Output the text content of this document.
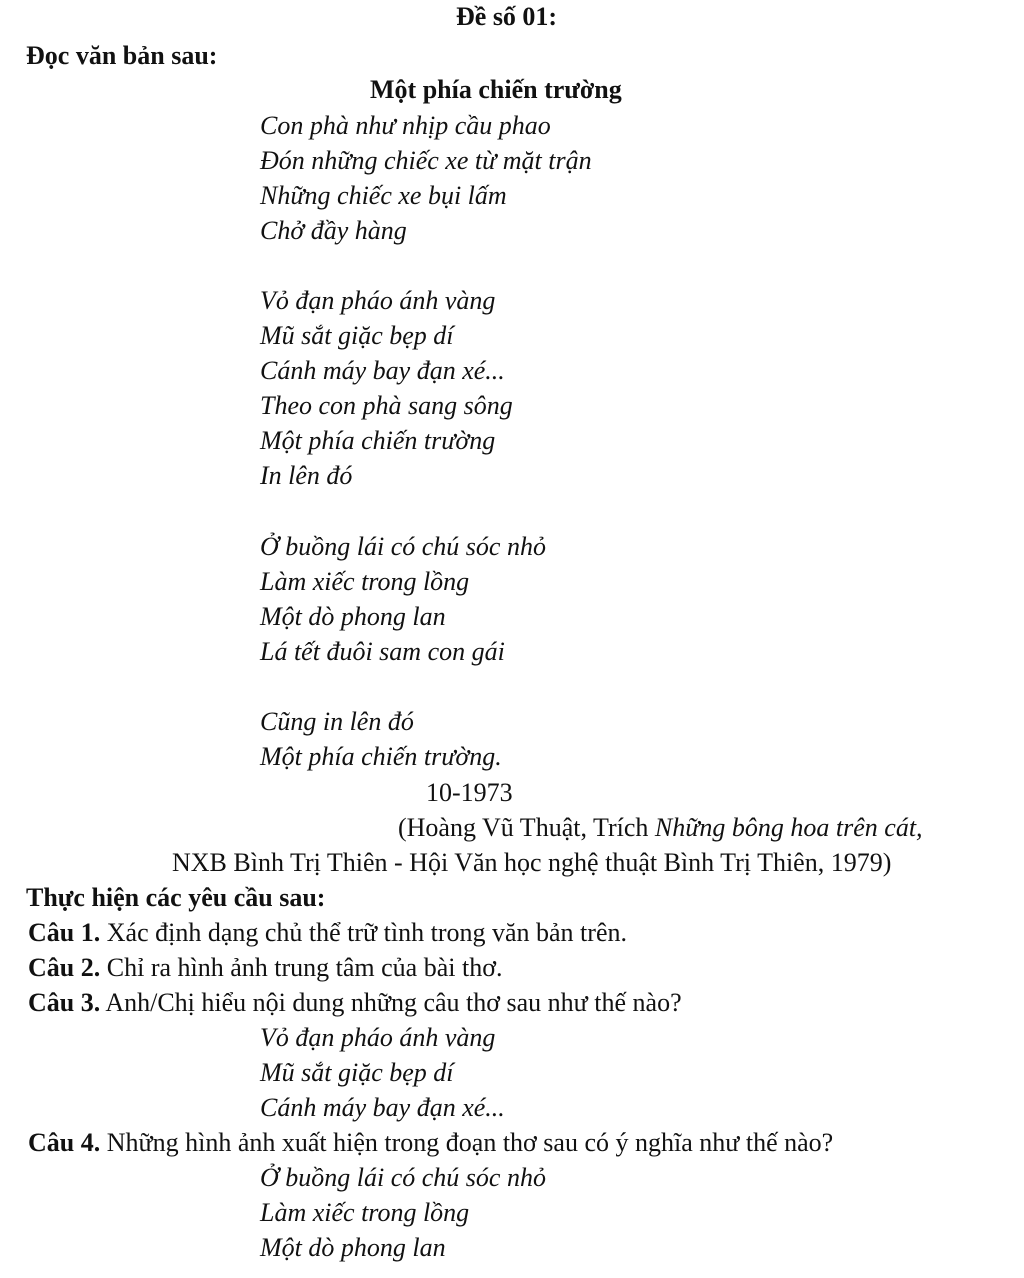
Đề số 01:
Đọc văn bản sau:
Một phía chiến trường
Con phà như nhịp cầu phao
Đón những chiếc xe từ mặt trận
Những chiếc xe bụi lấm
Chở đầy hàng
Vỏ đạn pháo ánh vàng
Mũ sắt giặc bẹp dí
Cánh máy bay đạn xé...
Theo con phà sang sông
Một phía chiến trường
In lên đó
Ở buồng lái có chú sóc nhỏ
Làm xiếc trong lồng
Một dò phong lan
Lá tết đuôi sam con gái
Cũng in lên đó
Một phía chiến trường.
10-1973
(Hoàng Vũ Thuật, Trích Những bông hoa trên cát,
NXB Bình Trị Thiên - Hội Văn học nghệ thuật Bình Trị Thiên, 1979)
Thực hiện các yêu cầu sau:
Câu 1. Xác định dạng chủ thể trữ tình trong văn bản trên.
Câu 2. Chỉ ra hình ảnh trung tâm của bài thơ.
Câu 3. Anh/Chị hiểu nội dung những câu thơ sau như thế nào?
Vỏ đạn pháo ánh vàng
Mũ sắt giặc bẹp dí
Cánh máy bay đạn xé...
Câu 4. Những hình ảnh xuất hiện trong đoạn thơ sau có ý nghĩa như thế nào?
Ở buồng lái có chú sóc nhỏ
Làm xiếc trong lồng
Một dò phong lan
